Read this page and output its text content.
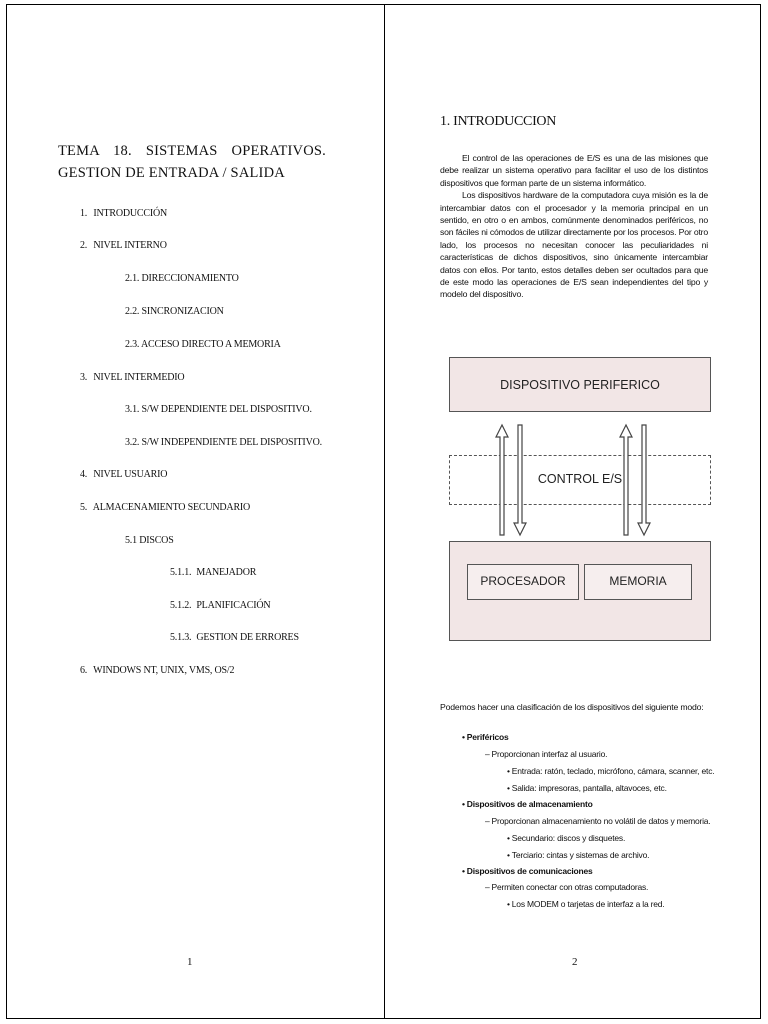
TEMA 18. SISTEMAS OPERATIVOS. GESTION DE ENTRADA / SALIDA
1. INTRODUCCIÓN
2. NIVEL INTERNO
2.1. DIRECCIONAMIENTO
2.2. SINCRONIZACION
2.3. ACCESO DIRECTO A MEMORIA
3. NIVEL INTERMEDIO
3.1. S/W DEPENDIENTE DEL DISPOSITIVO.
3.2. S/W INDEPENDIENTE DEL DISPOSITIVO.
4. NIVEL USUARIO
5. ALMACENAMIENTO SECUNDARIO
5.1 DISCOS
5.1.1. MANEJADOR
5.1.2. PLANIFICACIÓN
5.1.3. GESTION DE ERRORES
6. WINDOWS NT, UNIX, VMS, OS/2
1
1. INTRODUCCION

El control de las operaciones de E/S es una de las misiones que debe realizar un sistema operativo para facilitar el uso de los distintos dispositivos que forman parte de un sistema informático.

Los dispositivos hardware de la computadora cuya misión es la de intercambiar datos con el procesador y la memoria principal en un sentido, en otro o en ambos, comúnmente denominados periféricos, no son fáciles ni cómodos de utilizar directamente por los procesos. Por otro lado, los procesos no necesitan conocer las peculiaridades ni características de dichos dispositivos, sino únicamente intercambiar datos con ellos. Por tanto, estos detalles deben ser ocultados para que de este modo las operaciones de E/S sean independientes del tipo y modelo del dispositivo.

DISPOSITIVO PERIFERICO
CONTROL E/S
PROCESADOR	MEMORIA
Podemos hacer una clasificación de los dispositivos del siguiente modo:
• Periféricos
– Proporcionan interfaz al usuario.
• Entrada: ratón, teclado, micrófono, cámara, scanner, etc.
• Salida: impresoras, pantalla, altavoces, etc.
• Dispositivos de almacenamiento
– Proporcionan almacenamiento no volátil de datos y memoria.
• Secundario: discos y disquetes.
• Terciario: cintas y sistemas de archivo.
• Dispositivos de comunicaciones
– Permiten conectar con otras computadoras.
• Los MODEM o tarjetas de interfaz a la red.
2
